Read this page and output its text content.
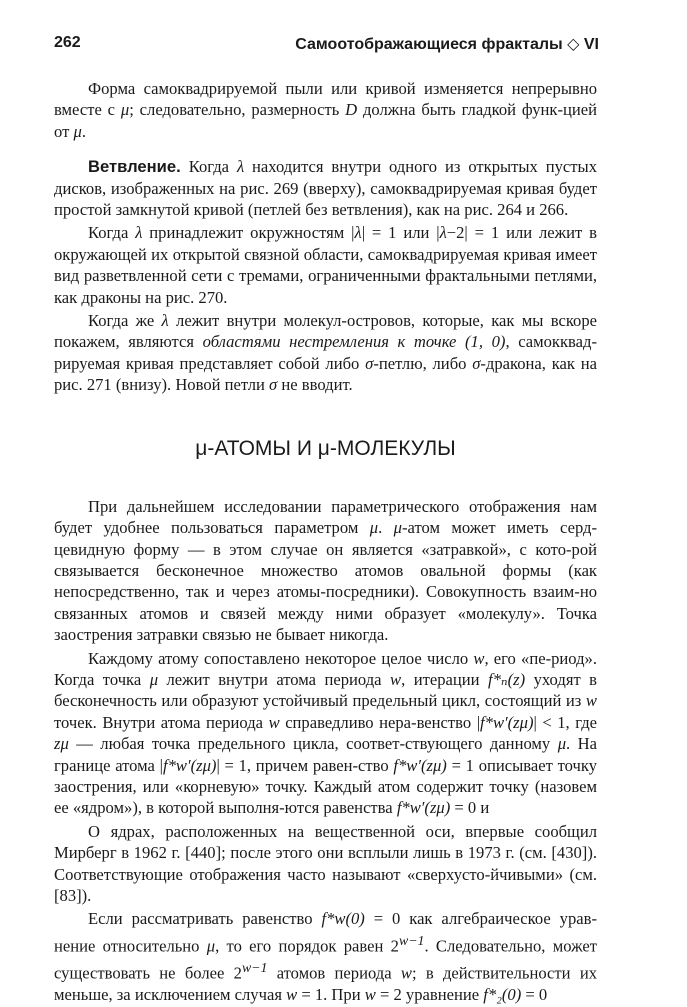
262	Самоотображающиеся фракталы ◇ VI

Форма самоквадрируемой пыли или кривой изменяется непрерывно вместе с μ; следовательно, размерность D должна быть гладкой функ-цией от μ.

Ветвление. Когда λ находится внутри одного из открытых пустых дисков, изображенных на рис. 269 (вверху), самоквадрируемая кривая будет простой замкнутой кривой (петлей без ветвления), как на рис. 264 и 266.

Когда λ принадлежит окружностям |λ| = 1 или |λ−2| = 1 или лежит в окружающей их открытой связной области, самоквадрируемая кривая имеет вид разветвленной сети с тремами, ограниченными фрактальными петлями, как драконы на рис. 270.

Когда же λ лежит внутри молекул-островов, которые, как мы вскоре покажем, являются областями нестремления к точке (1, 0), самокквад-рируемая кривая представляет собой либо σ-петлю, либо σ-дракона, как на рис. 271 (внизу). Новой петли σ не вводит.

μ-АТОМЫ И μ-МОЛЕКУЛЫ

При дальнейшем исследовании параметрического отображения нам будет удобнее пользоваться параметром μ. μ-атом может иметь серд-цевидную форму — в этом случае он является «затравкой», с кото-рой связывается бесконечное множество атомов овальной формы (как непосредственно, так и через атомы-посредники). Совокупность взаим-но связанных атомов и связей между ними образует «молекулу». Точка заострения затравки связью не бывает никогда.

Каждому атому сопоставлено некоторое целое число w, его «пе-риод». Когда точка μ лежит внутри атома периода w, итерации f*ₙ(z) уходят в бесконечность или образуют устойчивый предельный цикл, состоящий из w точек. Внутри атома периода w справедливо нера-венство |f*w′(zμ)| < 1, где zμ — любая точка предельного цикла, соответ-ствующего данному μ. На границе атома |f*w′(zμ)| = 1, причем равен-ство f*w′(zμ) = 1 описывает точку заострения, или «корневую» точку. Каждый атом содержит точку (назовем ее «ядром»), в которой выполня-ются равенства f*w′(zμ) = 0 и

О ядрах, расположенных на вещественной оси, впервые сообщил Мирберг в 1962 г. [440]; после этого они всплыли лишь в 1973 г. (см. [430]). Соответствующие отображения часто называют «сверхусто-йчивыми» (см. [83]).

Если рассматривать равенство f*w(0) = 0 как алгебраическое урав-нение относительно μ, то его порядок равен $2^{w-1}$. Следовательно, может существовать не более $2^{w-1}$ атомов периода w; в действительности их меньше, за исключением случая w = 1. При w = 2 уравнение f*₂(0) = 0
